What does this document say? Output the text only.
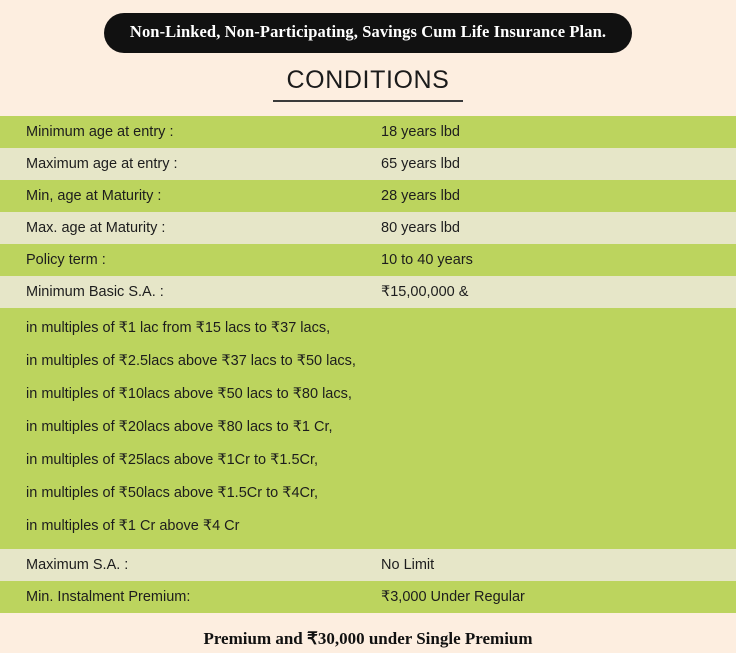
Non-Linked, Non-Participating, Savings Cum Life Insurance Plan.
CONDITIONS
Minimum age at entry :	18 years lbd
Maximum age at entry :	65 years lbd
Min, age at Maturity :	28 years lbd
Max. age at Maturity :	80 years lbd
Policy term :	10 to 40 years
Minimum Basic S.A. :	₹15,00,000 &
in multiples of ₹1 lac from ₹15 lacs to ₹37 lacs,
in multiples of ₹2.5lacs above ₹37 lacs to ₹50 lacs,
in multiples of ₹10lacs above ₹50 lacs to ₹80 lacs,
in multiples of ₹20lacs above ₹80 lacs to ₹1 Cr,
in multiples of ₹25lacs above ₹1Cr to ₹1.5Cr,
in multiples of ₹50lacs above ₹1.5Cr to ₹4Cr,
in multiples of ₹1 Cr above ₹4 Cr
Maximum S.A. :	No Limit
Min. Instalment Premium:	₹3,000 Under Regular
Premium and ₹30,000 under Single Premium
